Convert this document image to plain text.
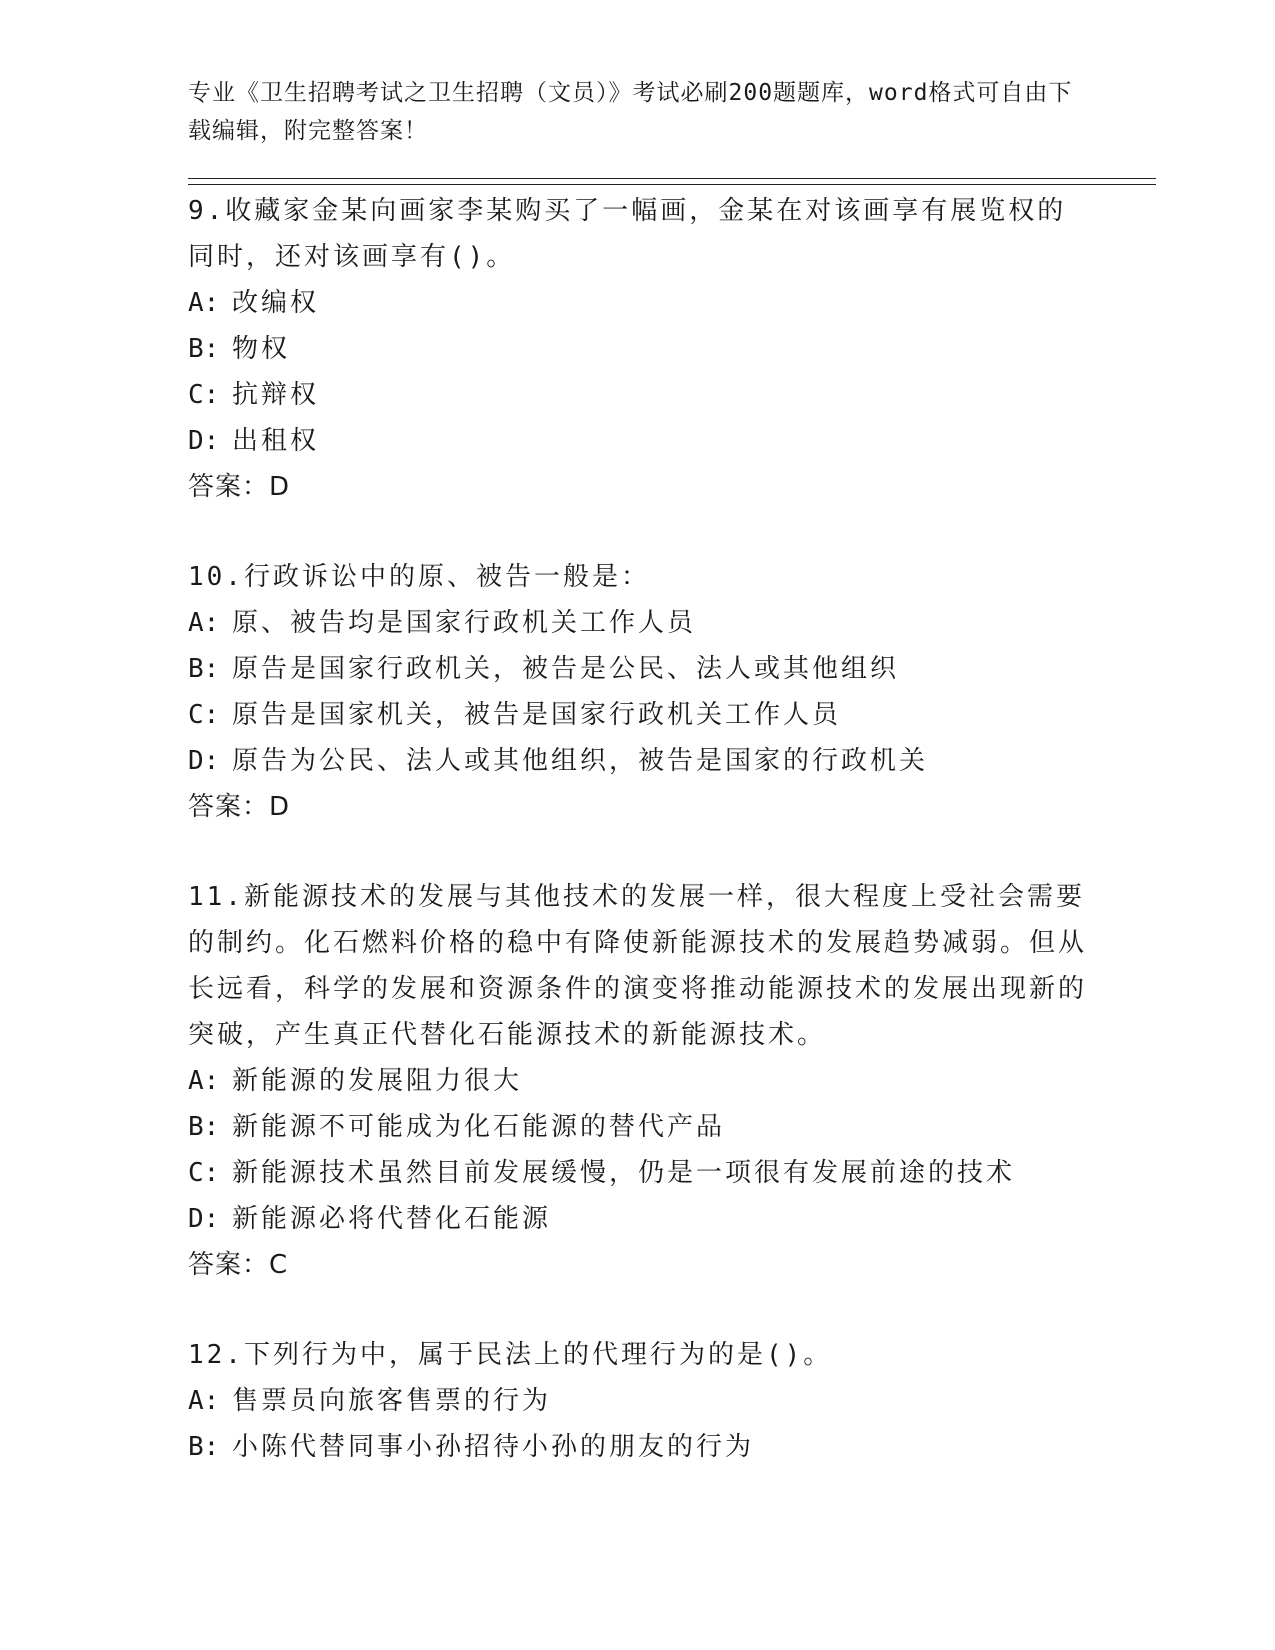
专业《卫生招聘考试之卫生招聘（文员）》考试必刷200题题库，word格式可自由下载编辑，附完整答案！
9.收藏家金某向画家李某购买了一幅画，金某在对该画享有展览权的同时，还对该画享有()。
A: 改编权
B: 物权
C: 抗辩权
D: 出租权
答案：D
10.行政诉讼中的原、被告一般是：
A: 原、被告均是国家行政机关工作人员
B: 原告是国家行政机关，被告是公民、法人或其他组织
C: 原告是国家机关，被告是国家行政机关工作人员
D: 原告为公民、法人或其他组织，被告是国家的行政机关
答案：D
11.新能源技术的发展与其他技术的发展一样，很大程度上受社会需要的制约。化石燃料价格的稳中有降使新能源技术的发展趋势减弱。但从长远看，科学的发展和资源条件的演变将推动能源技术的发展出现新的突破，产生真正代替化石能源技术的新能源技术。
A: 新能源的发展阻力很大
B: 新能源不可能成为化石能源的替代产品
C: 新能源技术虽然目前发展缓慢，仍是一项很有发展前途的技术
D: 新能源必将代替化石能源
答案：C
12.下列行为中，属于民法上的代理行为的是()。
A: 售票员向旅客售票的行为
B: 小陈代替同事小孙招待小孙的朋友的行为
